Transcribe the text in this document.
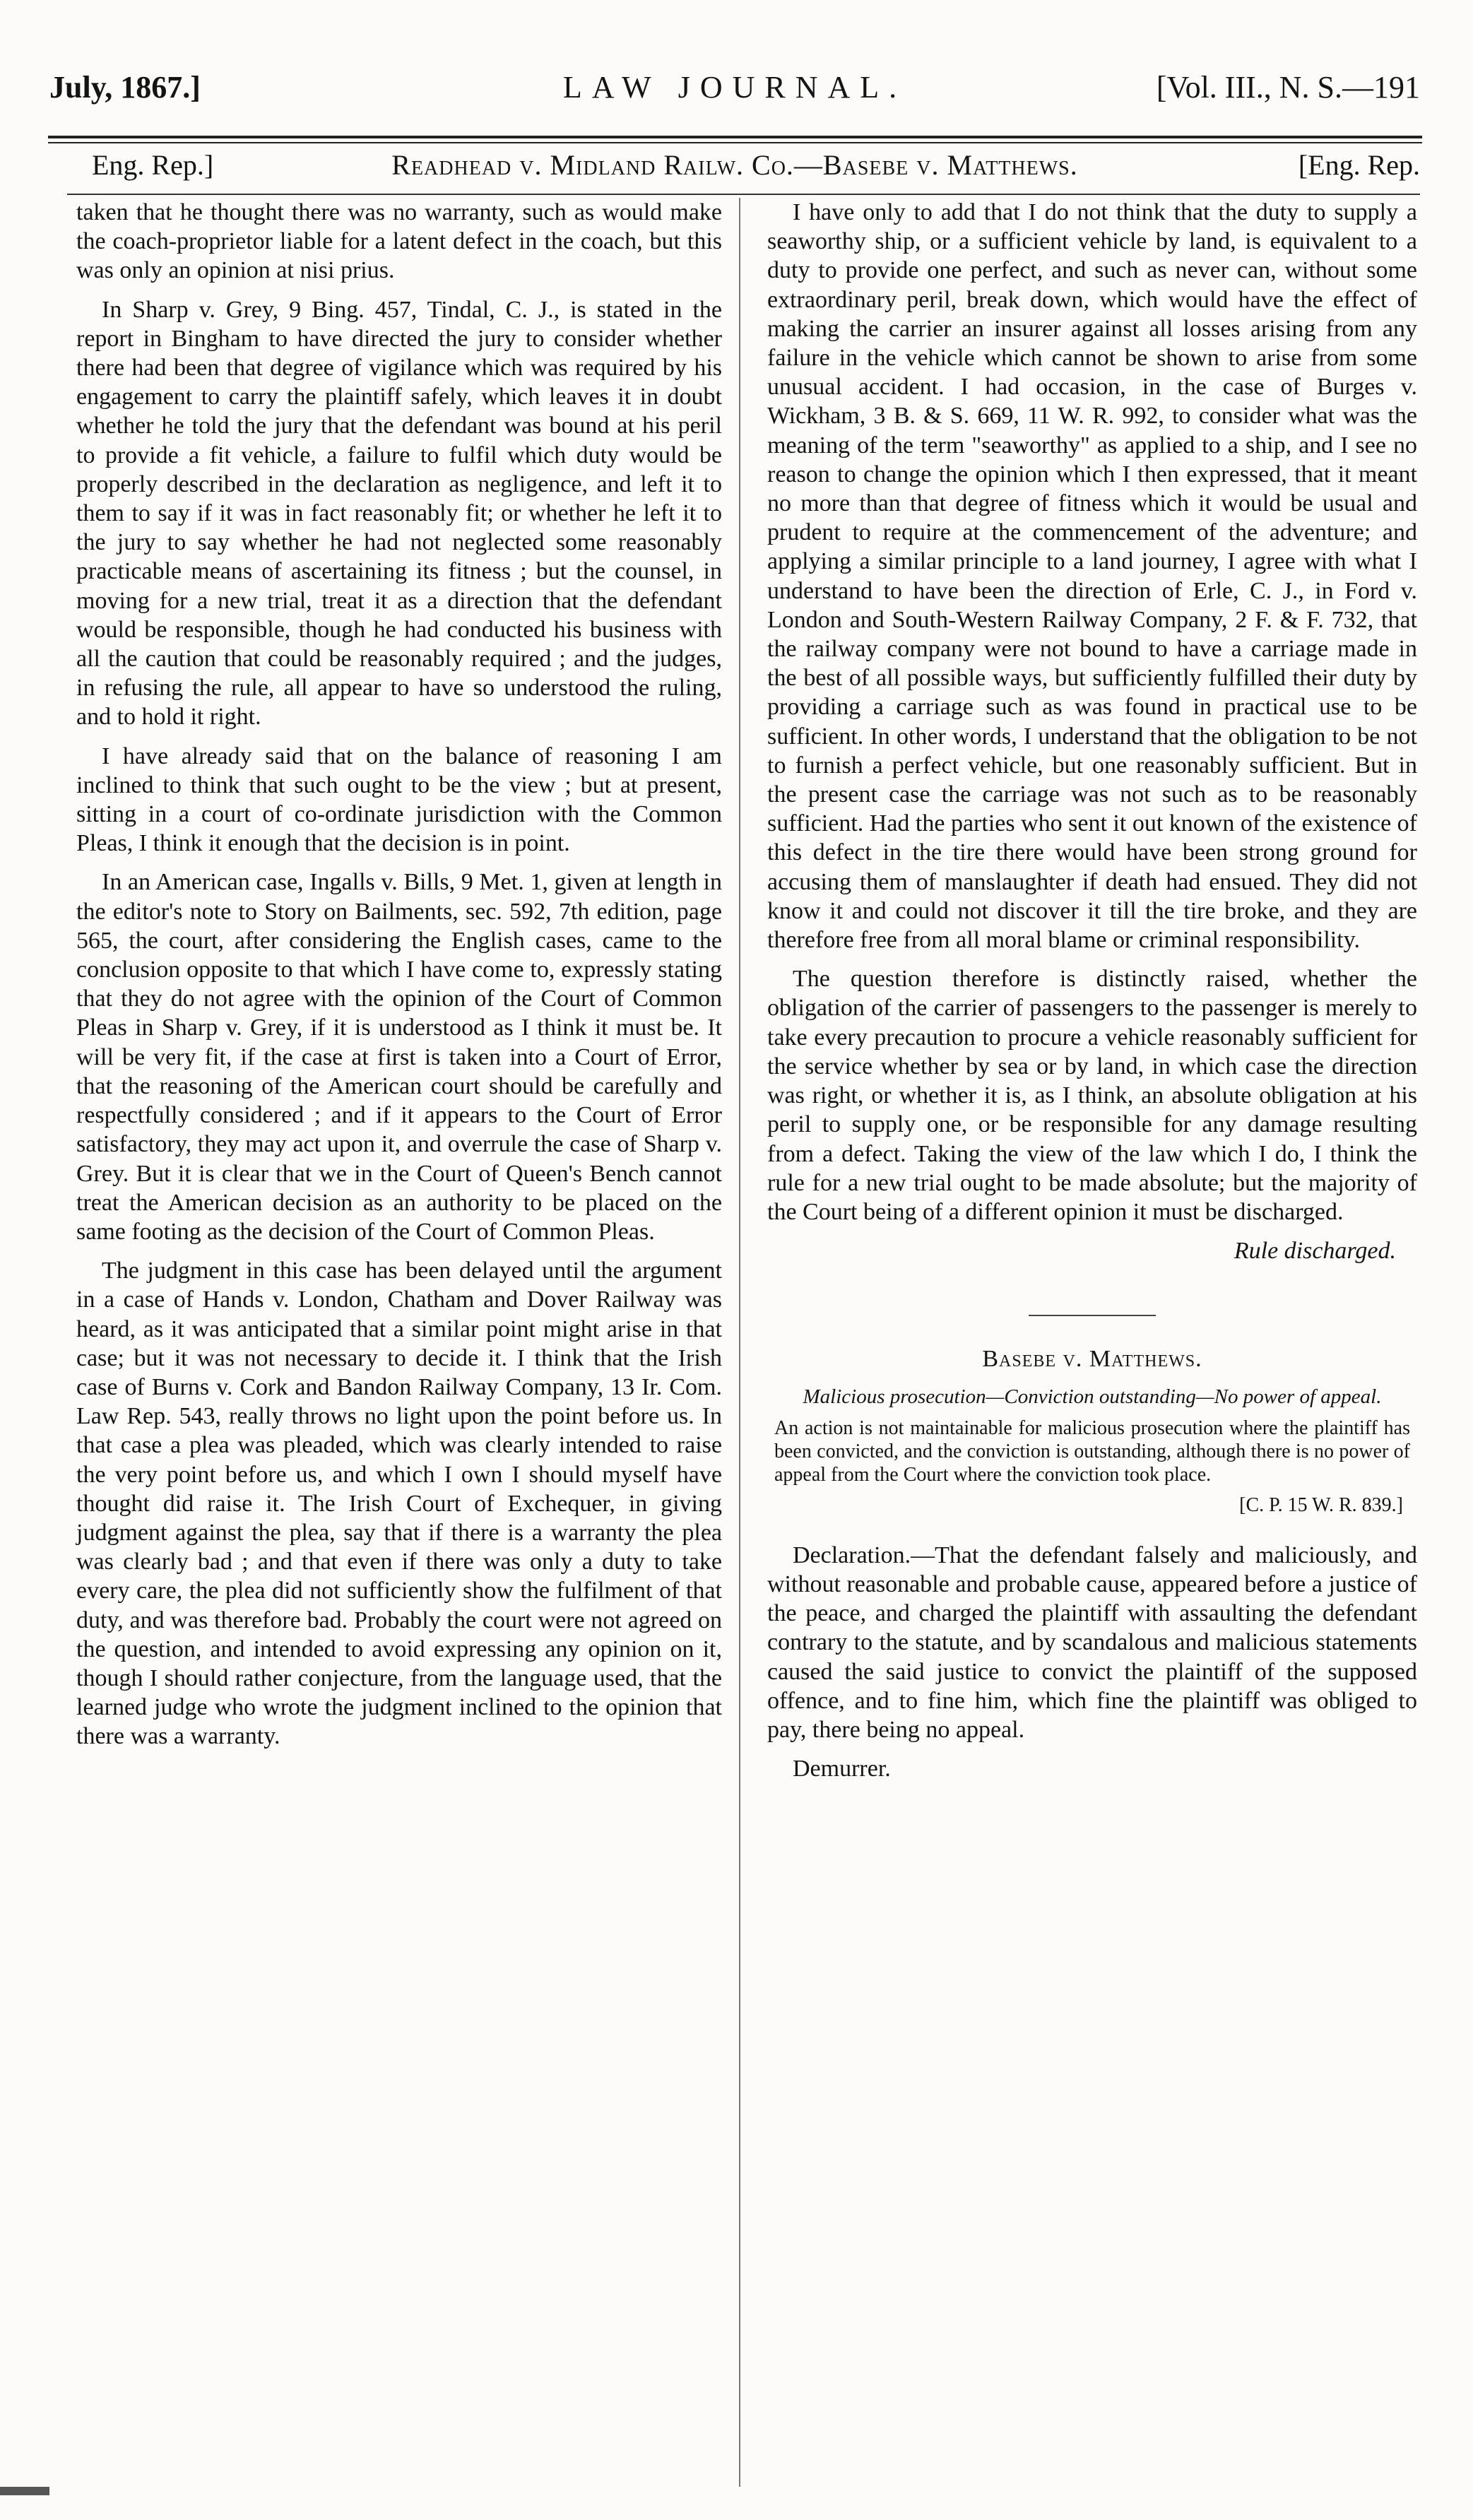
July, 1867.]	LAW JOURNAL.	[Vol. III., N. S.—191
Eng. Rep.]	Readhead v. Midland Railw. Co.—Basebe v. Matthews.	[Eng. Rep.

taken that he thought there was no warranty, such as would make the coach-proprietor liable for a latent defect in the coach, but this was only an opinion at nisi prius.

In Sharp v. Grey, 9 Bing. 457, Tindal, C. J., is stated in the report in Bingham to have directed the jury to consider whether there had been that degree of vigilance which was required by his engagement to carry the plaintiff safely, which leaves it in doubt whether he told the jury that the defendant was bound at his peril to provide a fit vehicle, a failure to fulfil which duty would be properly described in the declaration as negligence, and left it to them to say if it was in fact reasonably fit; or whether he left it to the jury to say whether he had not neglected some reasonably practicable means of ascertaining its fitness ; but the counsel, in moving for a new trial, treat it as a direction that the defendant would be responsible, though he had conducted his business with all the caution that could be reasonably required ; and the judges, in refusing the rule, all appear to have so understood the ruling, and to hold it right.

I have already said that on the balance of reasoning I am inclined to think that such ought to be the view ; but at present, sitting in a court of co-ordinate jurisdiction with the Common Pleas, I think it enough that the decision is in point.

In an American case, Ingalls v. Bills, 9 Met. 1, given at length in the editor's note to Story on Bailments, sec. 592, 7th edition, page 565, the court, after considering the English cases, came to the conclusion opposite to that which I have come to, expressly stating that they do not agree with the opinion of the Court of Common Pleas in Sharp v. Grey, if it is understood as I think it must be. It will be very fit, if the case at first is taken into a Court of Error, that the reasoning of the American court should be carefully and respectfully considered ; and if it appears to the Court of Error satisfactory, they may act upon it, and overrule the case of Sharp v. Grey. But it is clear that we in the Court of Queen's Bench cannot treat the American decision as an authority to be placed on the same footing as the decision of the Court of Common Pleas.

The judgment in this case has been delayed until the argument in a case of Hands v. London, Chatham and Dover Railway was heard, as it was anticipated that a similar point might arise in that case; but it was not necessary to decide it. I think that the Irish case of Burns v. Cork and Bandon Railway Company, 13 Ir. Com. Law Rep. 543, really throws no light upon the point before us. In that case a plea was pleaded, which was clearly intended to raise the very point before us, and which I own I should myself have thought did raise it. The Irish Court of Exchequer, in giving judgment against the plea, say that if there is a warranty the plea was clearly bad ; and that even if there was only a duty to take every care, the plea did not sufficiently show the fulfilment of that duty, and was therefore bad. Probably the court were not agreed on the question, and intended to avoid expressing any opinion on it, though I should rather conjecture, from the language used, that the learned judge who wrote the judgment inclined to the opinion that there was a warranty.

I have only to add that I do not think that the duty to supply a seaworthy ship, or a sufficient vehicle by land, is equivalent to a duty to provide one perfect, and such as never can, without some extraordinary peril, break down, which would have the effect of making the carrier an insurer against all losses arising from any failure in the vehicle which cannot be shown to arise from some unusual accident. I had occasion, in the case of Burges v. Wickham, 3 B. & S. 669, 11 W. R. 992, to consider what was the meaning of the term "seaworthy" as applied to a ship, and I see no reason to change the opinion which I then expressed, that it meant no more than that degree of fitness which it would be usual and prudent to require at the commencement of the adventure; and applying a similar principle to a land journey, I agree with what I understand to have been the direction of Erle, C. J., in Ford v. London and South-Western Railway Company, 2 F. & F. 732, that the railway company were not bound to have a carriage made in the best of all possible ways, but sufficiently fulfilled their duty by providing a carriage such as was found in practical use to be sufficient. In other words, I understand that the obligation to be not to furnish a perfect vehicle, but one reasonably sufficient. But in the present case the carriage was not such as to be reasonably sufficient. Had the parties who sent it out known of the existence of this defect in the tire there would have been strong ground for accusing them of manslaughter if death had ensued. They did not know it and could not discover it till the tire broke, and they are therefore free from all moral blame or criminal responsibility.

The question therefore is distinctly raised, whether the obligation of the carrier of passengers to the passenger is merely to take every precaution to procure a vehicle reasonably sufficient for the service whether by sea or by land, in which case the direction was right, or whether it is, as I think, an absolute obligation at his peril to supply one, or be responsible for any damage resulting from a defect. Taking the view of the law which I do, I think the rule for a new trial ought to be made absolute; but the majority of the Court being of a different opinion it must be discharged.

Rule discharged.
Basebe v. Matthews.
Malicious prosecution—Conviction outstanding—No power of appeal.

An action is not maintainable for malicious prosecution where the plaintiff has been convicted, and the conviction is outstanding, although there is no power of appeal from the Court where the conviction took place.

[C. P. 15 W. R. 839.]

Declaration.—That the defendant falsely and maliciously, and without reasonable and probable cause, appeared before a justice of the peace, and charged the plaintiff with assaulting the defendant contrary to the statute, and by scandalous and malicious statements caused the said justice to convict the plaintiff of the supposed offence, and to fine him, which fine the plaintiff was obliged to pay, there being no appeal.

Demurrer.
